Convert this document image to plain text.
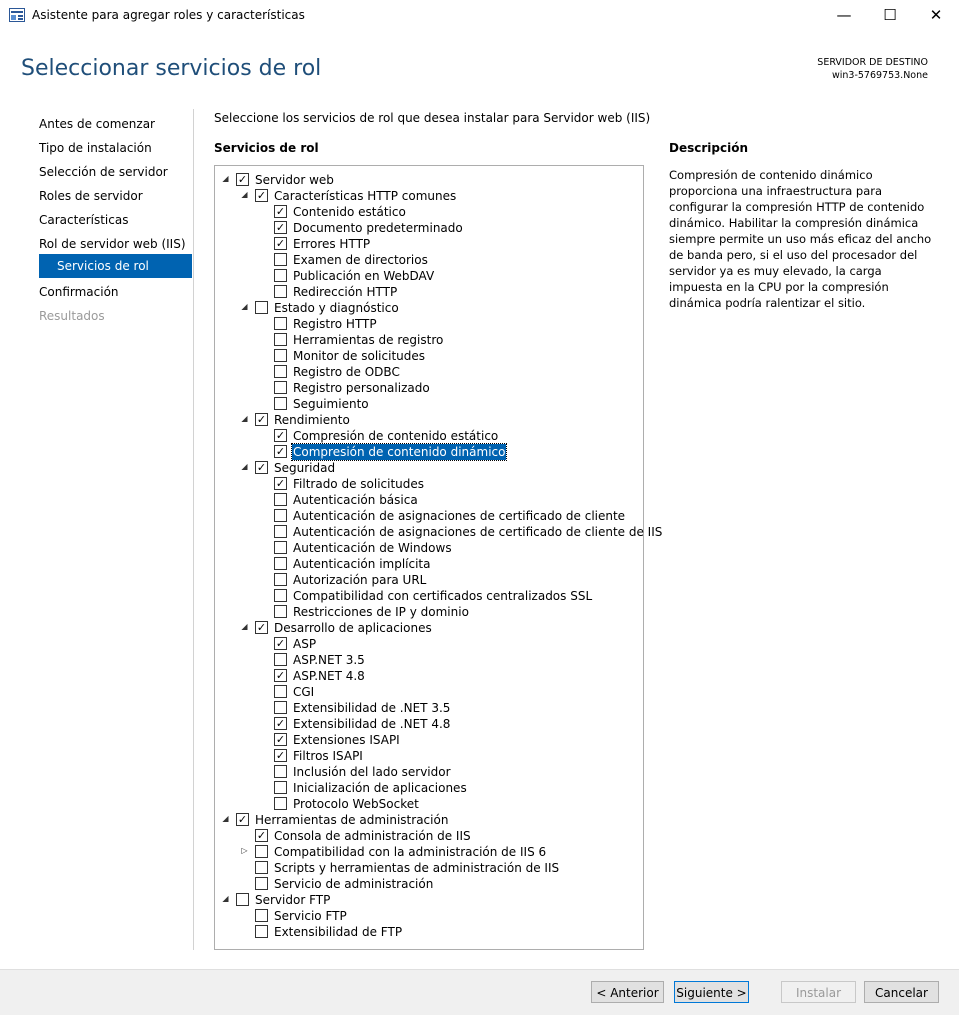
Asistente para agregar roles y características	—	☐	✕
Seleccionar servicios de rol	SERVIDOR DE DESTINO
win3-5769753.None
Antes de comenzar
Tipo de instalación
Selección de servidor
Roles de servidor
Características
Rol de servidor web (IIS)
Servicios de rol
Confirmación
Resultados
Seleccione los servicios de rol que desea instalar para Servidor web (IIS)
Servicios de rol
◢ ✓ Servidor web
◢ ✓ Características HTTP comunes
✓
Contenido estático
✓
Documento predeterminado
✓
Errores HTTP
Examen de directorios
Publicación en WebDAV
Redirección HTTP
◢ Estado y diagnóstico
Registro HTTP
Herramientas de registro
Monitor de solicitudes
Registro de ODBC
Registro personalizado
Seguimiento
◢ ✓ Rendimiento
✓
Compresión de contenido estático
✓
Compresión de contenido dinámico
◢ ✓ Seguridad
✓
Filtrado de solicitudes
Autenticación básica
Autenticación de asignaciones de certificado de cliente
Autenticación de asignaciones de certificado de cliente de IIS
Autenticación de Windows
Autenticación implícita
Autorización para URL
Compatibilidad con certificados centralizados SSL
Restricciones de IP y dominio
◢ ✓ Desarrollo de aplicaciones
✓
ASP
ASP.NET 3.5
✓
ASP.NET 4.8
CGI
Extensibilidad de .NET 3.5
✓
Extensibilidad de .NET 4.8
✓
Extensiones ISAPI
✓
Filtros ISAPI
Inclusión del lado servidor
Inicialización de aplicaciones
Protocolo WebSocket
◢ ✓ Herramientas de administración
✓
Consola de administración de IIS
▷ Compatibilidad con la administración de IIS 6
Scripts y herramientas de administración de IIS
Servicio de administración
◢ Servidor FTP
Servicio FTP
Extensibilidad de FTP
Descripción
Compresión de contenido dinámico proporciona una infraestructura para configurar la compresión HTTP de contenido dinámico. Habilitar la compresión dinámica siempre permite un uso más eficaz del ancho de banda pero, si el uso del procesador del servidor ya es muy elevado, la carga impuesta en la CPU por la compresión dinámica podría ralentizar el sitio.
< Anterior	Siguiente >	Instalar	Cancelar
